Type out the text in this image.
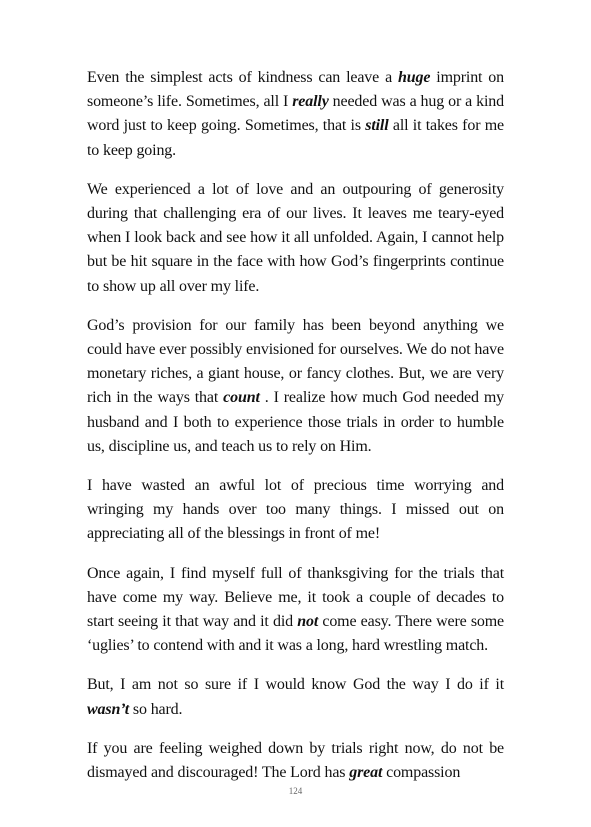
Even the simplest acts of kindness can leave a huge imprint on someone’s life. Sometimes, all I really needed was a hug or a kind word just to keep going. Sometimes, that is still all it takes for me to keep going.

We experienced a lot of love and an outpouring of generosity during that challenging era of our lives. It leaves me teary-eyed when I look back and see how it all unfolded. Again, I cannot help but be hit square in the face with how God’s fingerprints continue to show up all over my life.

God’s provision for our family has been beyond anything we could have ever possibly envisioned for ourselves. We do not have monetary riches, a giant house, or fancy clothes. But, we are very rich in the ways that count . I realize how much God needed my husband and I both to experience those trials in order to humble us, discipline us, and teach us to rely on Him.

I have wasted an awful lot of precious time worrying and wringing my hands over too many things. I missed out on appreciating all of the blessings in front of me!

Once again, I find myself full of thanksgiving for the trials that have come my way. Believe me, it took a couple of decades to start seeing it that way and it did not come easy. There were some ‘uglies’ to contend with and it was a long, hard wrestling match.

But, I am not so sure if I would know God the way I do if it wasn’t so hard.

If you are feeling weighed down by trials right now, do not be dismayed and discouraged! The Lord has great compassion

124
